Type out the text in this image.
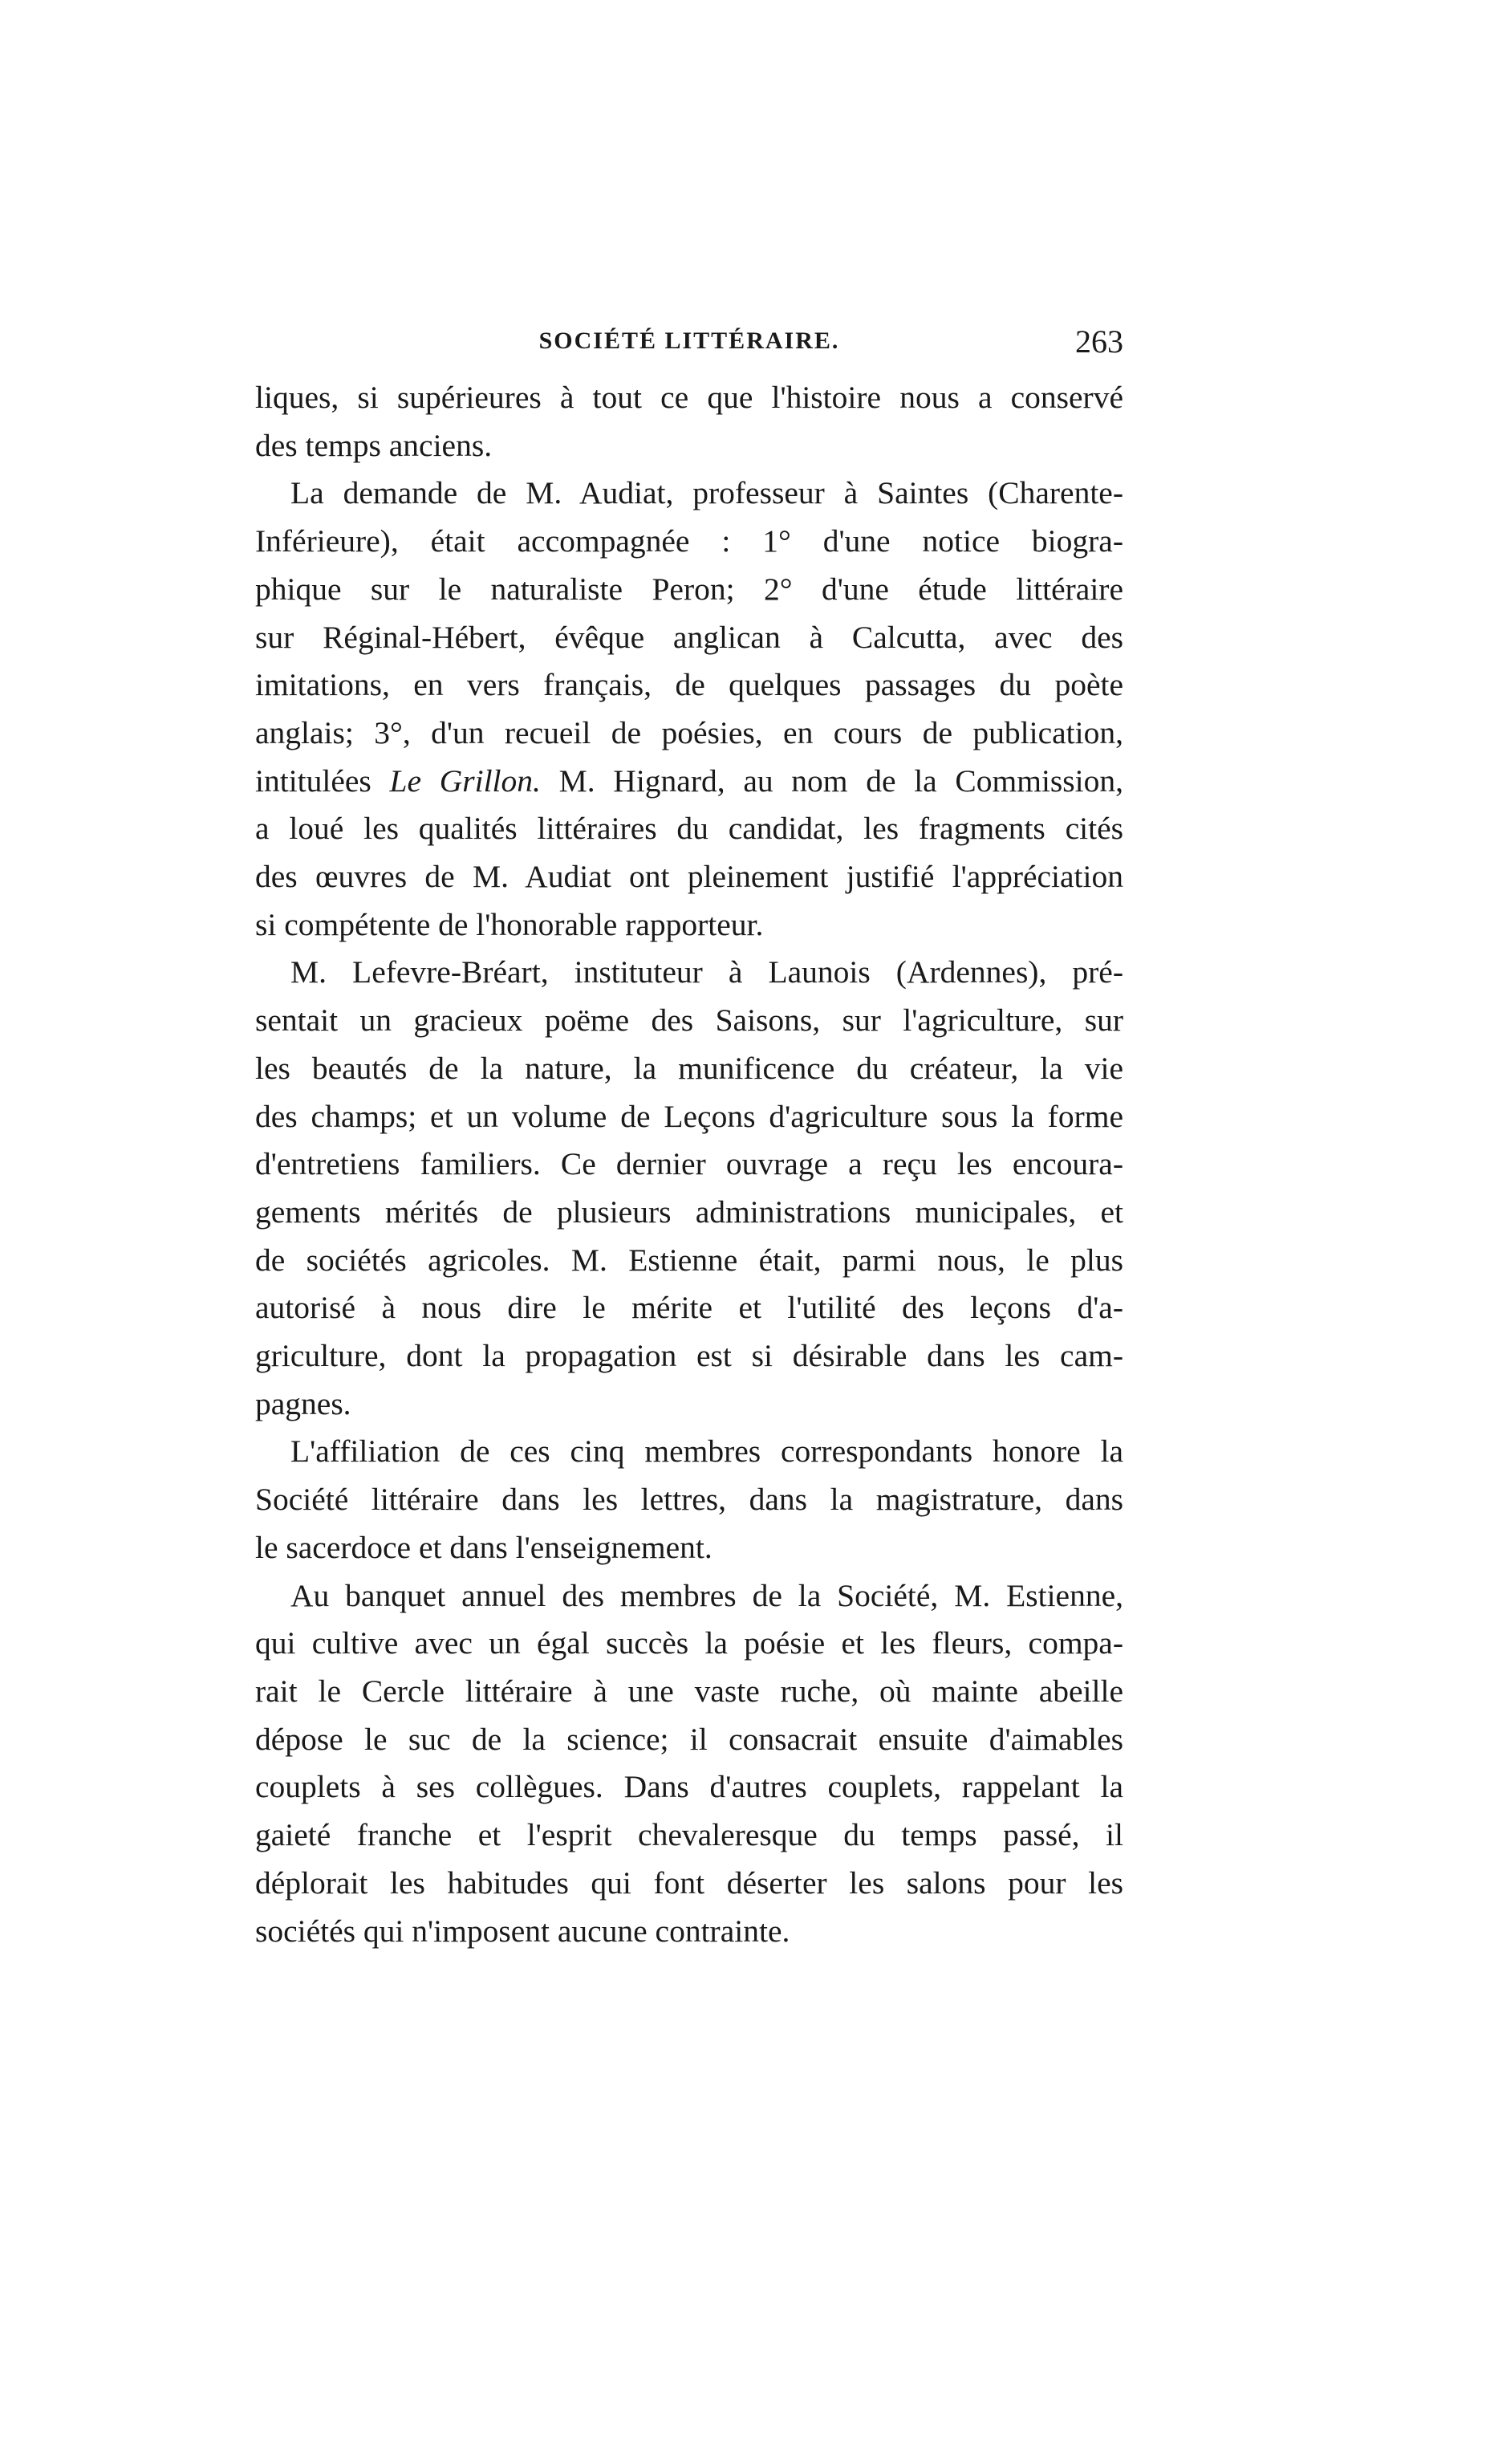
SOCIÉTÉ LITTÉRAIRE.	263

liques, si supérieures à tout ce que l'histoire nous a conservé
des temps anciens.

La demande de M. Audiat, professeur à Saintes (Charente-
Inférieure), était accompagnée : 1° d'une notice biogra-
phique sur le naturaliste Peron; 2° d'une étude littéraire
sur Réginal-Hébert, évêque anglican à Calcutta, avec des
imitations, en vers français, de quelques passages du poète
anglais; 3°, d'un recueil de poésies, en cours de publication,
intitulées Le Grillon. M. Hignard, au nom de la Commission,
a loué les qualités littéraires du candidat, les fragments cités
des œuvres de M. Audiat ont pleinement justifié l'appréciation
si compétente de l'honorable rapporteur.

M. Lefevre-Bréart, instituteur à Launois (Ardennes), pré-
sentait un gracieux poëme des Saisons, sur l'agriculture, sur
les beautés de la nature, la munificence du créateur, la vie
des champs; et un volume de Leçons d'agriculture sous la forme
d'entretiens familiers. Ce dernier ouvrage a reçu les encoura-
gements mérités de plusieurs administrations municipales, et
de sociétés agricoles. M. Estienne était, parmi nous, le plus
autorisé à nous dire le mérite et l'utilité des leçons d'a-
griculture, dont la propagation est si désirable dans les cam-
pagnes.

L'affiliation de ces cinq membres correspondants honore la
Société littéraire dans les lettres, dans la magistrature, dans
le sacerdoce et dans l'enseignement.

Au banquet annuel des membres de la Société, M. Estienne,
qui cultive avec un égal succès la poésie et les fleurs, compa-
rait le Cercle littéraire à une vaste ruche, où mainte abeille
dépose le suc de la science; il consacrait ensuite d'aimables
couplets à ses collègues. Dans d'autres couplets, rappelant la
gaieté franche et l'esprit chevaleresque du temps passé, il
déplorait les habitudes qui font déserter les salons pour les
sociétés qui n'imposent aucune contrainte.
